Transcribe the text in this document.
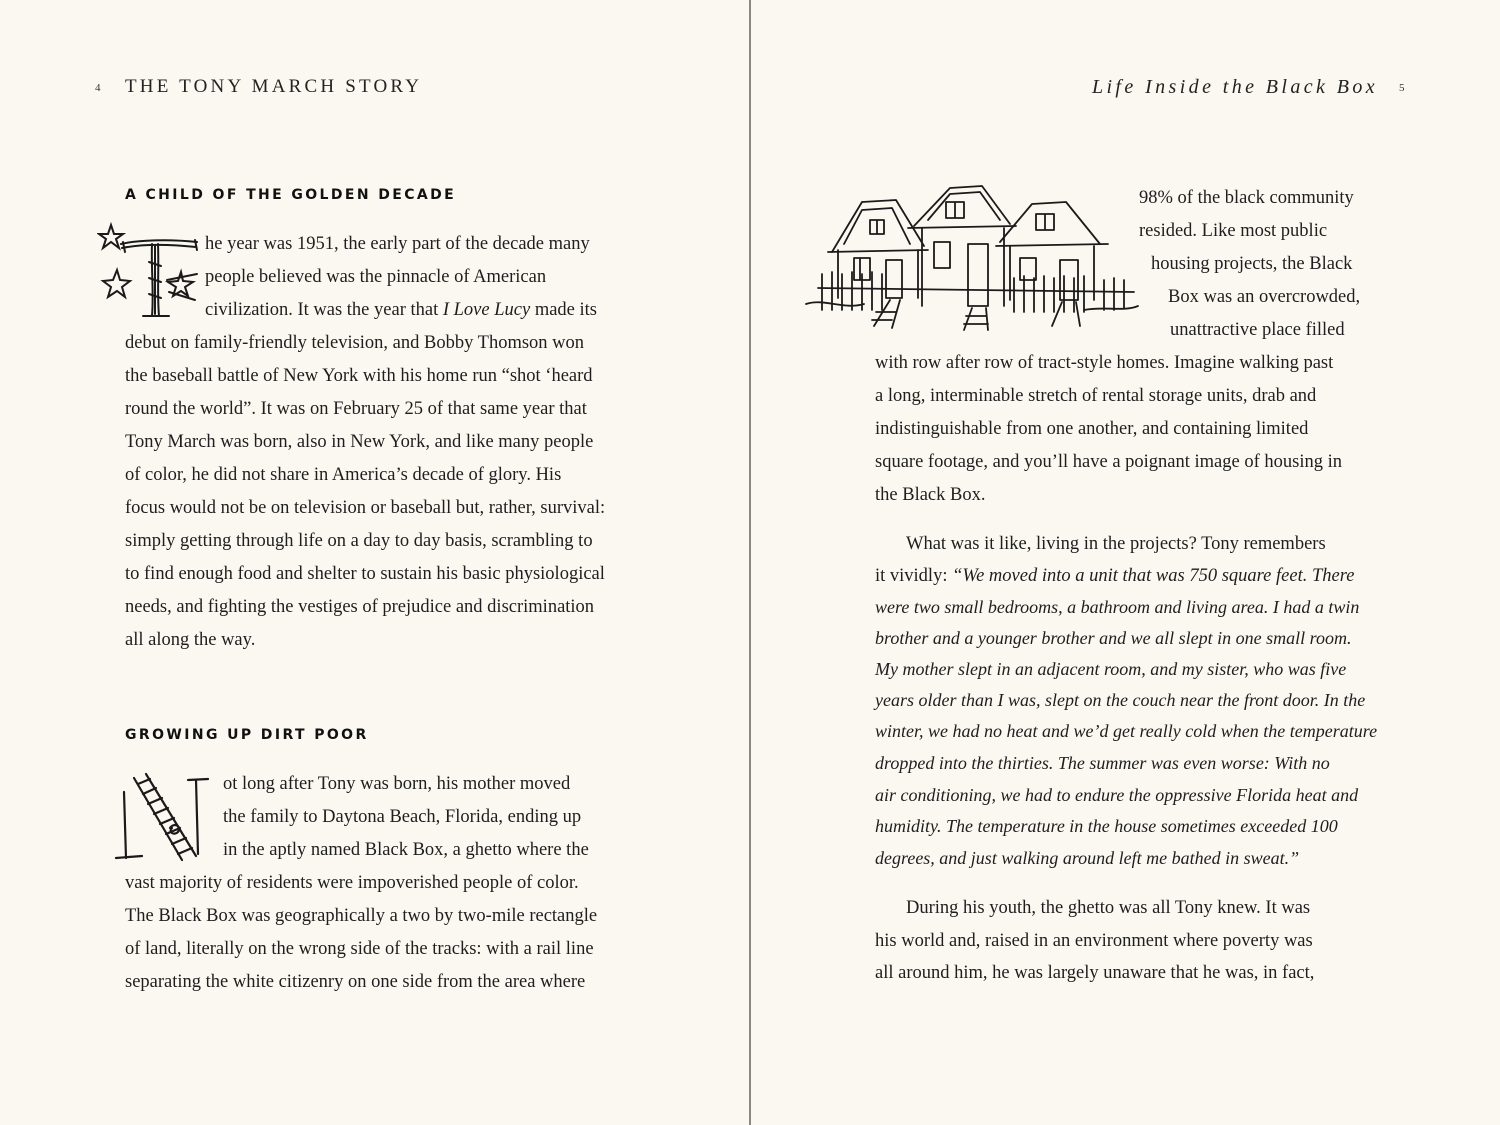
4 THE TONY MARCH STORY
A CHILD OF THE GOLDEN DECADE
he year was 1951, the early part of the decade many
people believed was the pinnacle of American
civilization. It was the year that I Love Lucy made its
debut on family-friendly television, and Bobby Thomson won
the baseball battle of New York with his home run “shot ‘heard
round the world”. It was on February 25 of that same year that
Tony March was born, also in New York, and like many people
of color, he did not share in America’s decade of glory. His
focus would not be on television or baseball but, rather, survival:
simply getting through life on a day to day basis, scrambling to
to find enough food and shelter to sustain his basic physiological
needs, and fighting the vestiges of prejudice and discrimination
all along the way.
GROWING UP DIRT POOR
ot long after Tony was born, his mother moved
the family to Daytona Beach, Florida, ending up
in the aptly named Black Box, a ghetto where the
vast majority of residents were impoverished people of color.
The Black Box was geographically a two by two-mile rectangle
of land, literally on the wrong side of the tracks: with a rail line
separating the white citizenry on one side from the area where
Life Inside the Black Box 5
98% of the black community
resided. Like most public
housing projects, the Black
Box was an overcrowded,
unattractive place filled
with row after row of tract-style homes. Imagine walking past
a long, interminable stretch of rental storage units, drab and
indistinguishable from one another, and containing limited
square footage, and you’ll have a poignant image of housing in
the Black Box.
What was it like, living in the projects? Tony remembers
it vividly: “We moved into a unit that was 750 square feet. There
were two small bedrooms, a bathroom and living area. I had a twin
brother and a younger brother and we all slept in one small room.
My mother slept in an adjacent room, and my sister, who was five
years older than I was, slept on the couch near the front door. In the
winter, we had no heat and we’d get really cold when the temperature
dropped into the thirties. The summer was even worse: With no
air conditioning, we had to endure the oppressive Florida heat and
humidity. The temperature in the house sometimes exceeded 100
degrees, and just walking around left me bathed in sweat.”
During his youth, the ghetto was all Tony knew. It was
his world and, raised in an environment where poverty was
all around him, he was largely unaware that he was, in fact,
